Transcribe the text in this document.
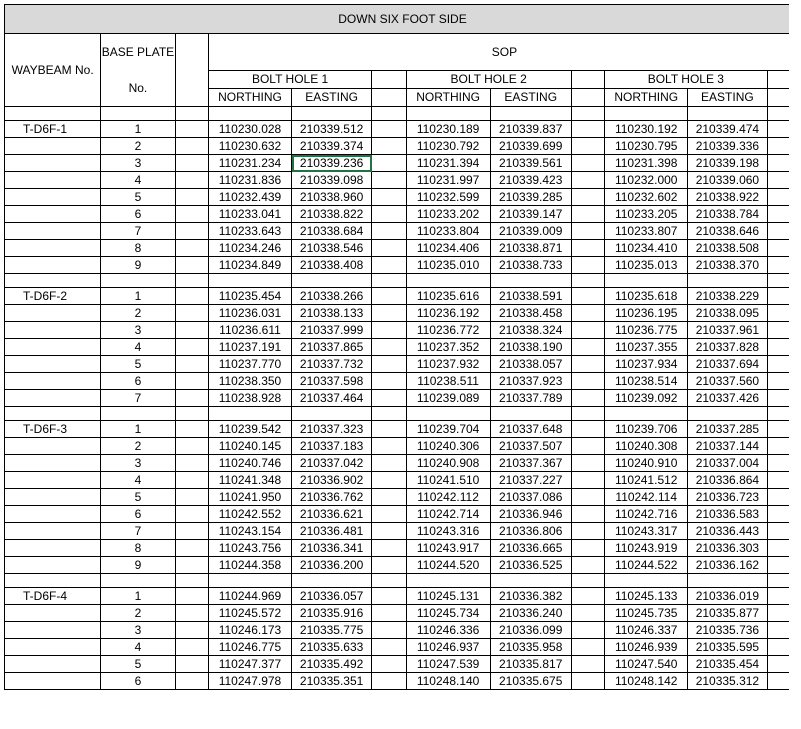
DOWN SIX FOOT SIDE											
WAYBEAM No.	BASE PLATE No.		SOP								
			BOLT HOLE 1			BOLT HOLE 2			BOLT HOLE 3		
			NORTHING	EASTING		NORTHING	EASTING		NORTHING	EASTING	

T-D6F-1	1		110230.028	210339.512		110230.189	210339.837		110230.192	210339.474	
	2		110230.632	210339.374		110230.792	210339.699		110230.795	210339.336	
	3		110231.234	210339.236		110231.394	210339.561		110231.398	210339.198	
	4		110231.836	210339.098		110231.997	210339.423		110232.000	210339.060	
	5		110232.439	210338.960		110232.599	210339.285		110232.602	210338.922	
	6		110233.041	210338.822		110233.202	210339.147		110233.205	210338.784	
	7		110233.643	210338.684		110233.804	210339.009		110233.807	210338.646	
	8		110234.246	210338.546		110234.406	210338.871		110234.410	210338.508	
	9		110234.849	210338.408		110235.010	210338.733		110235.013	210338.370	

T-D6F-2	1		110235.454	210338.266		110235.616	210338.591		110235.618	210338.229	
	2		110236.031	210338.133		110236.192	210338.458		110236.195	210338.095	
	3		110236.611	210337.999		110236.772	210338.324		110236.775	210337.961	
	4		110237.191	210337.865		110237.352	210338.190		110237.355	210337.828	
	5		110237.770	210337.732		110237.932	210338.057		110237.934	210337.694	
	6		110238.350	210337.598		110238.511	210337.923		110238.514	210337.560	
	7		110238.928	210337.464		110239.089	210337.789		110239.092	210337.426	

T-D6F-3	1		110239.542	210337.323		110239.704	210337.648		110239.706	210337.285	
	2		110240.145	210337.183		110240.306	210337.507		110240.308	210337.144	
	3		110240.746	210337.042		110240.908	210337.367		110240.910	210337.004	
	4		110241.348	210336.902		110241.510	210337.227		110241.512	210336.864	
	5		110241.950	210336.762		110242.112	210337.086		110242.114	210336.723	
	6		110242.552	210336.621		110242.714	210336.946		110242.716	210336.583	
	7		110243.154	210336.481		110243.316	210336.806		110243.317	210336.443	
	8		110243.756	210336.341		110243.917	210336.665		110243.919	210336.303	
	9		110244.358	210336.200		110244.520	210336.525		110244.522	210336.162	

T-D6F-4	1		110244.969	210336.057		110245.131	210336.382		110245.133	210336.019	
	2		110245.572	210335.916		110245.734	210336.240		110245.735	210335.877	
	3		110246.173	210335.775		110246.336	210336.099		110246.337	210335.736	
	4		110246.775	210335.633		110246.937	210335.958		110246.939	210335.595	
	5		110247.377	210335.492		110247.539	210335.817		110247.540	210335.454	
	6		110247.978	210335.351		110248.140	210335.675		110248.142	210335.312	
